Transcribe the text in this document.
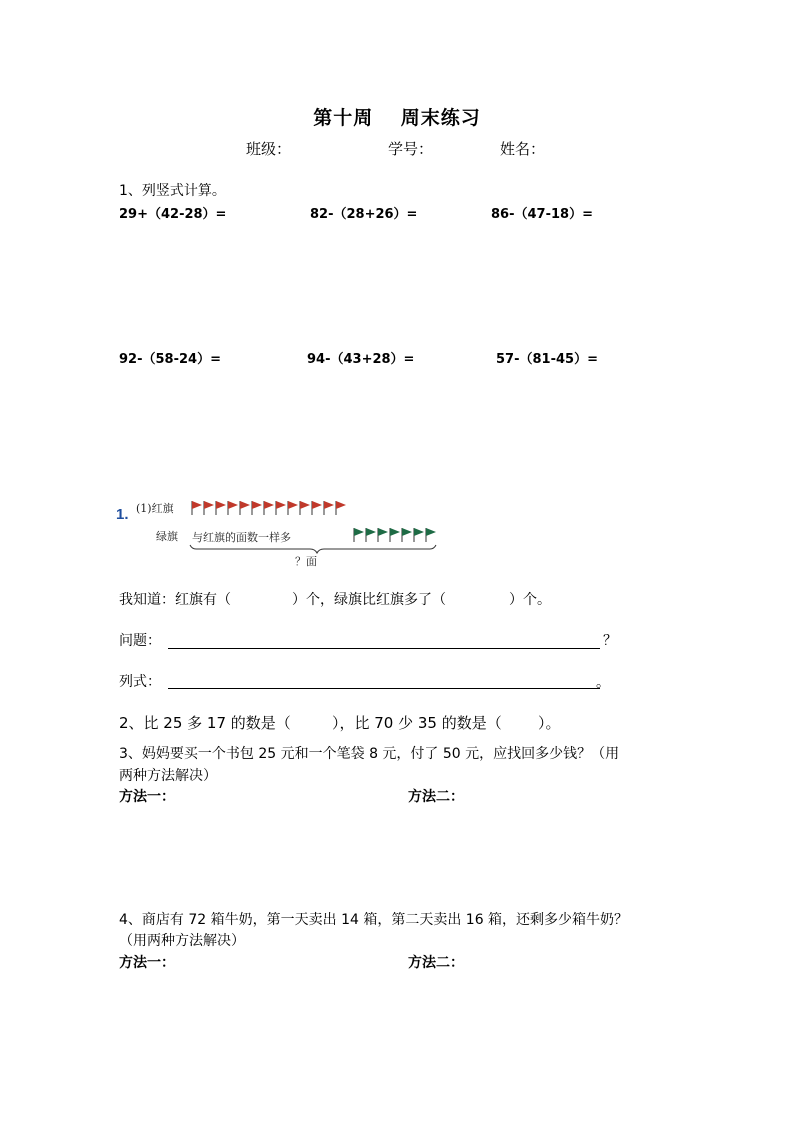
第十周　 周末练习
班级：	学号：	姓名：
1、列竖式计算。
29+（42-28）=	82-（28+26）=	86-（47-18）=
92-（58-24）=	94-（43+28）=	57-（81-45）=
1. (1)红旗
绿旗 与红旗的面数一样多
？面
我知道：红旗有（	）个，绿旗比红旗多了（	）个。
问题：	？
列式：	。
2、比 25 多 17 的数是（	），比 70 少 35 的数是（ ）。
3、妈妈要买一个书包 25 元和一个笔袋 8 元，付了 50 元，应找回多少钱？（用
两种方法解决）
方法一：	方法二：
4、商店有 72 箱牛奶，第一天卖出 14 箱，第二天卖出 16 箱，还剩多少箱牛奶？
（用两种方法解决）
方法一：	方法二：
